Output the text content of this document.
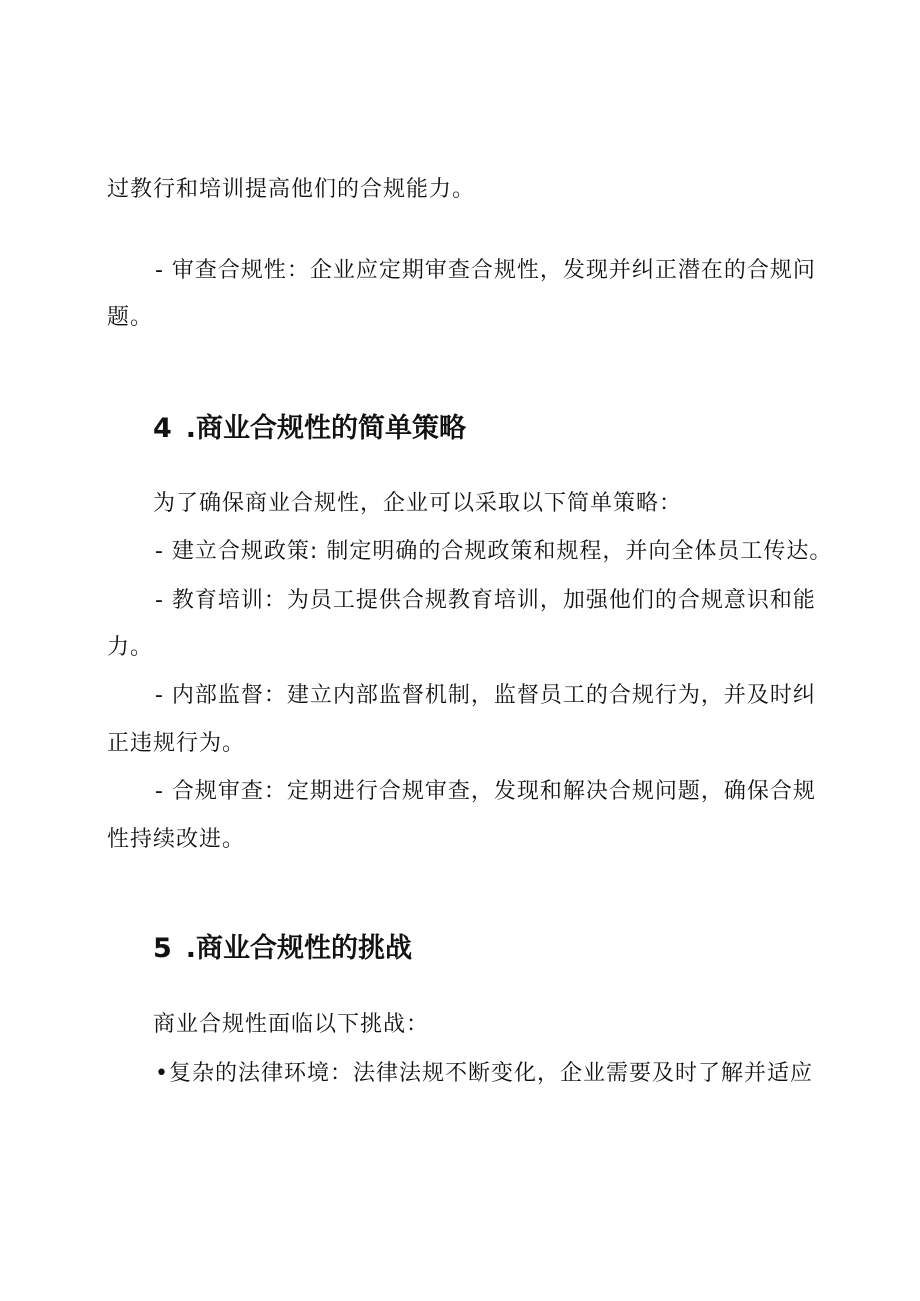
过教行和培训提高他们的合规能力。
- 审查合规性：企业应定期审查合规性，发现并纠正潜在的合规问
题。
4 .商业合规性的简单策略
为了确保商业合规性，企业可以采取以下简单策略：
- 建立合规政策: 制定明确的合规政策和规程，并向全体员工传达。
- 教育培训：为员工提供合规教育培训，加强他们的合规意识和能
力。
- 内部监督：建立内部监督机制，监督员工的合规行为，并及时纠
正违规行为。
- 合规审查：定期进行合规审查，发现和解决合规问题，确保合规
性持续改进。
5 .商业合规性的挑战
商业合规性面临以下挑战：
•复杂的法律环境：法律法规不断变化，企业需要及时了解并适应
